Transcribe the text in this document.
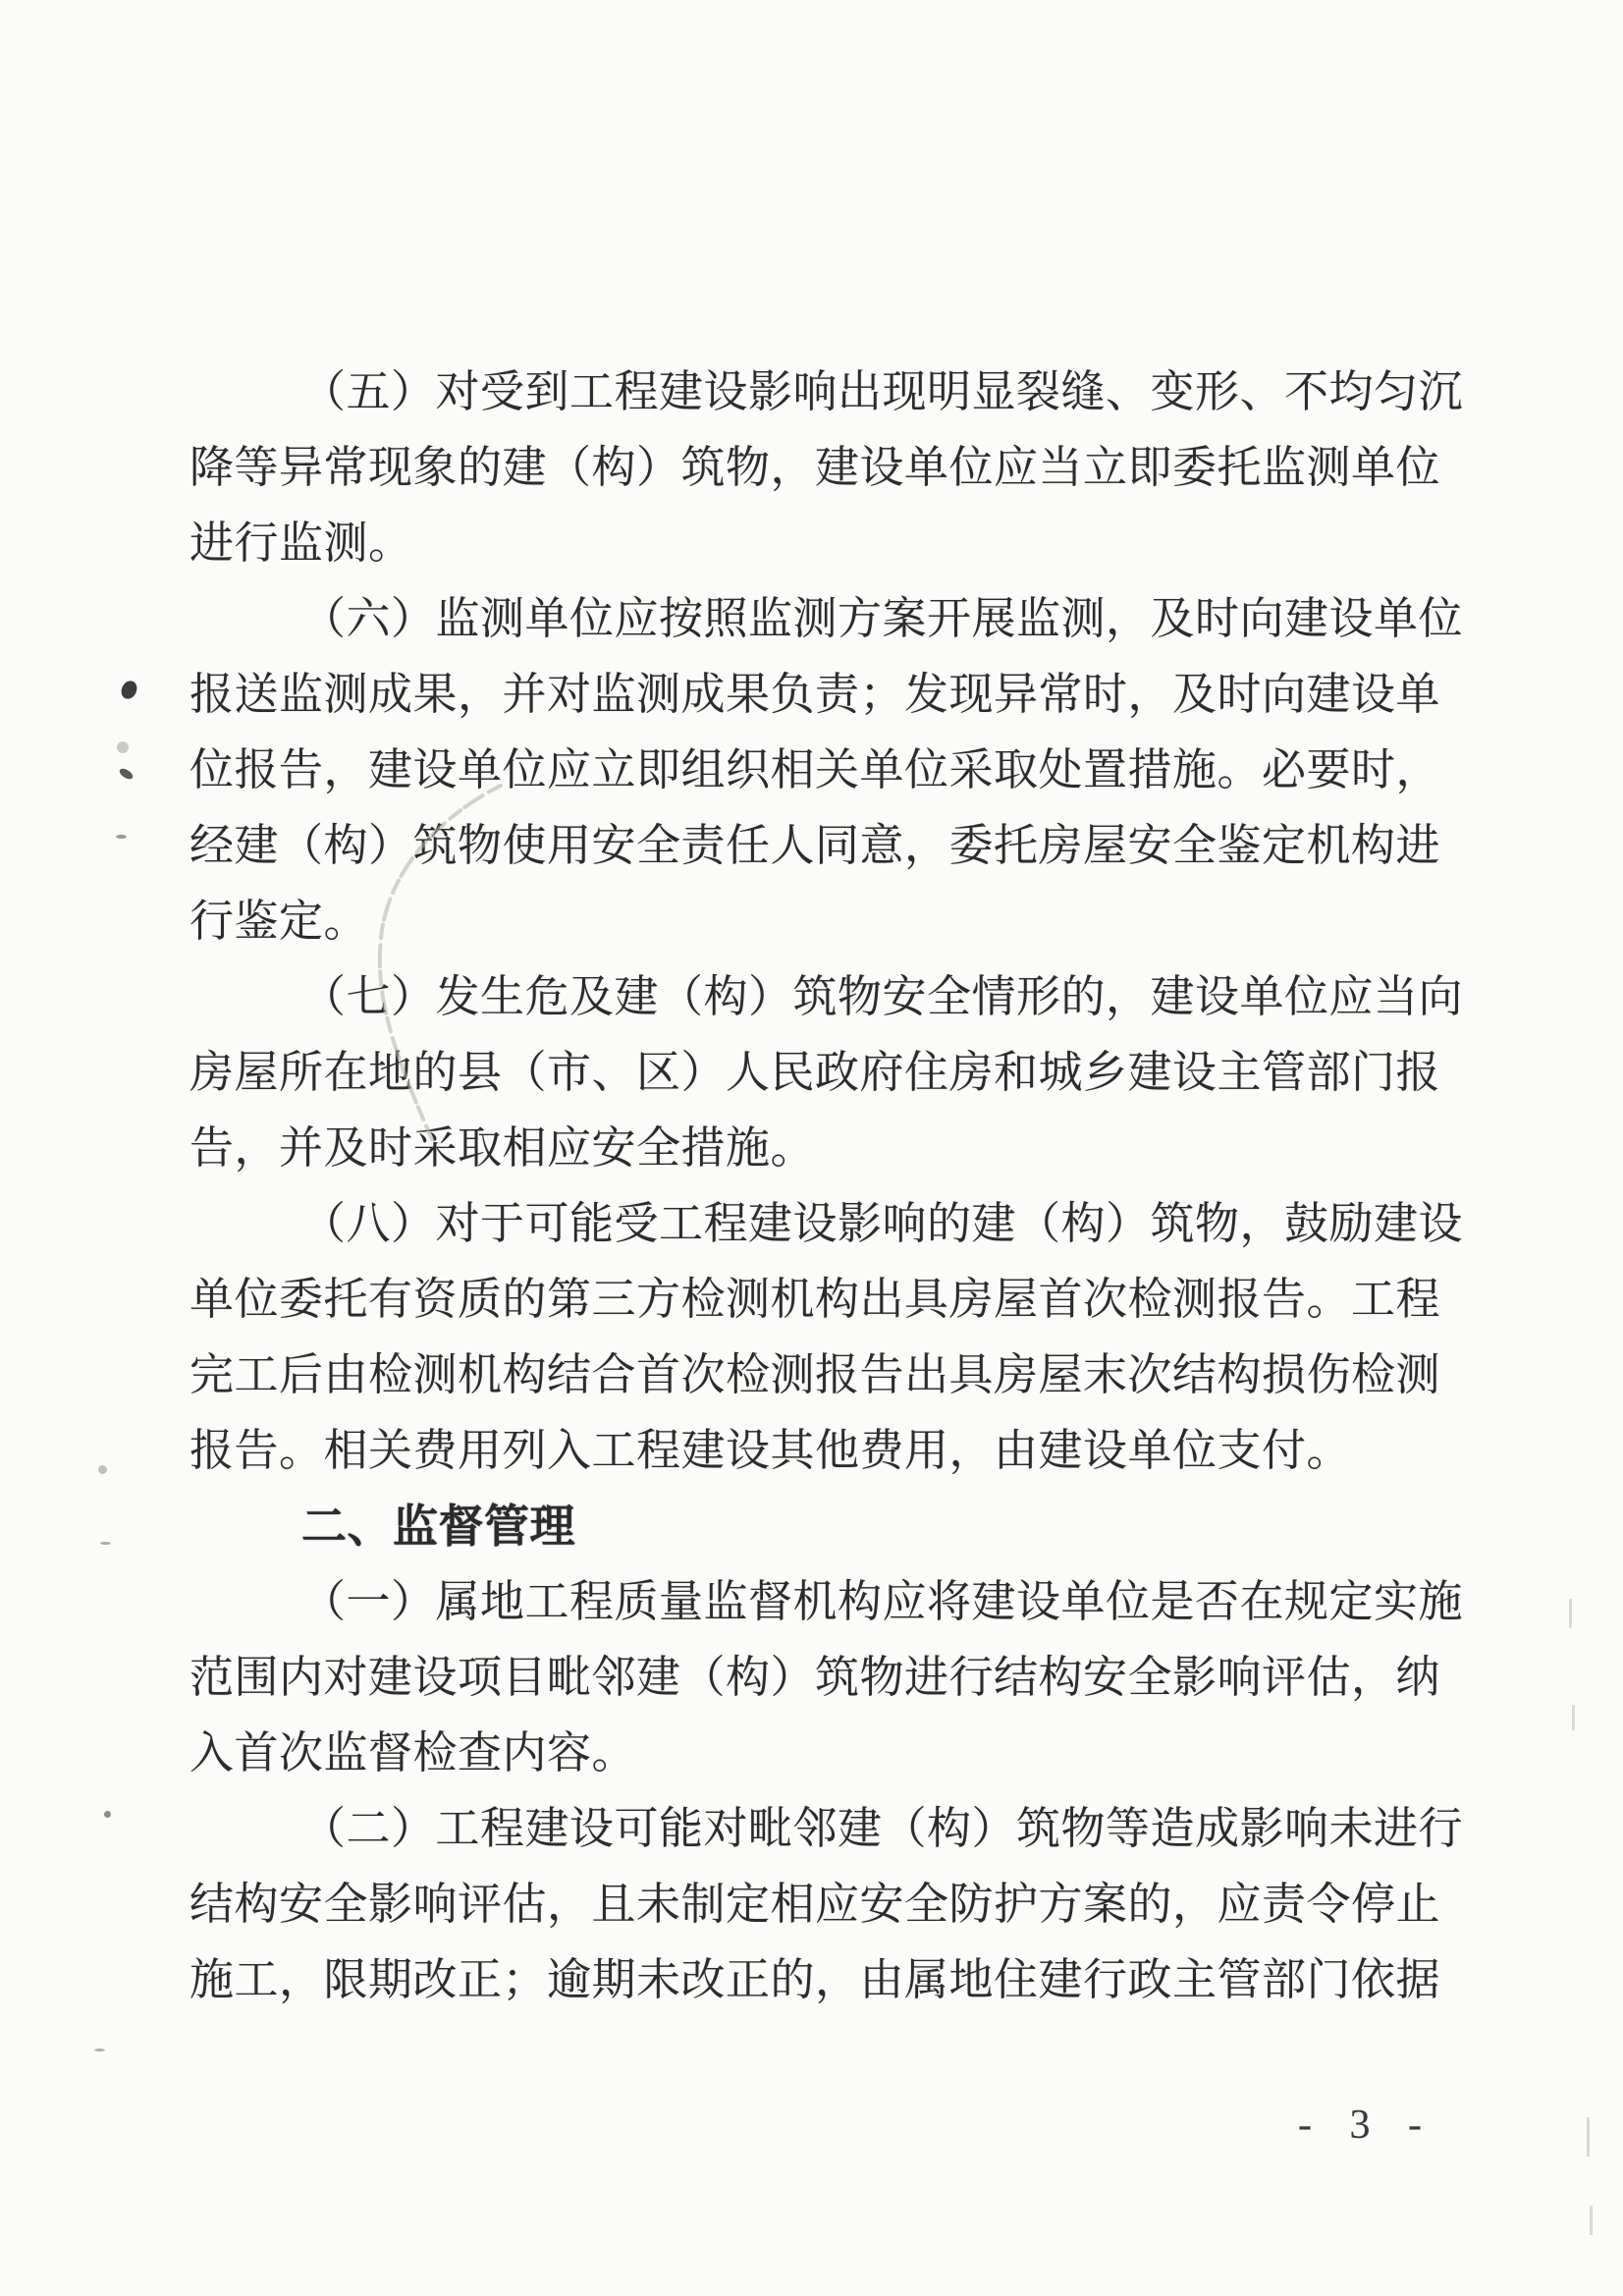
（五）对受到工程建设影响出现明显裂缝、变形、不均匀沉
降等异常现象的建（构）筑物，建设单位应当立即委托监测单位
进行监测。
（六）监测单位应按照监测方案开展监测，及时向建设单位
报送监测成果，并对监测成果负责；发现异常时，及时向建设单
位报告，建设单位应立即组织相关单位采取处置措施。必要时，
经建（构）筑物使用安全责任人同意，委托房屋安全鉴定机构进
行鉴定。
（七）发生危及建（构）筑物安全情形的，建设单位应当向
房屋所在地的县（市、区）人民政府住房和城乡建设主管部门报
告，并及时采取相应安全措施。
（八）对于可能受工程建设影响的建（构）筑物，鼓励建设
单位委托有资质的第三方检测机构出具房屋首次检测报告。工程
完工后由检测机构结合首次检测报告出具房屋末次结构损伤检测
报告。相关费用列入工程建设其他费用，由建设单位支付。
二、监督管理
（一）属地工程质量监督机构应将建设单位是否在规定实施
范围内对建设项目毗邻建（构）筑物进行结构安全影响评估，纳
入首次监督检查内容。
（二）工程建设可能对毗邻建（构）筑物等造成影响未进行
结构安全影响评估，且未制定相应安全防护方案的，应责令停止
施工，限期改正；逾期未改正的，由属地住建行政主管部门依据
- 3 -
